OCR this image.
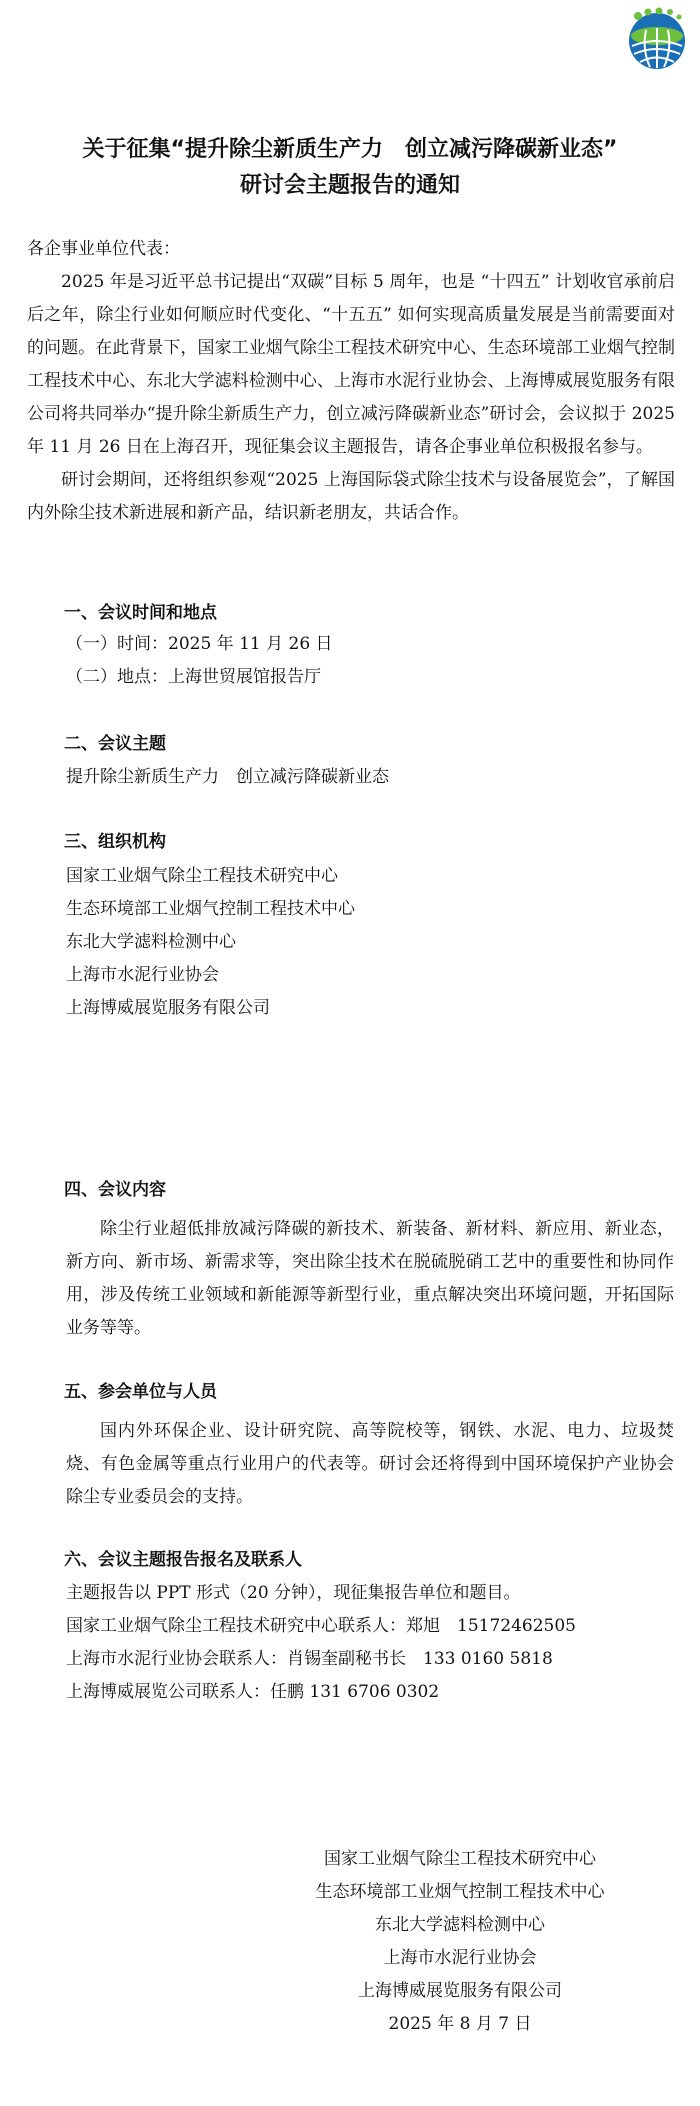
关于征集“提升除尘新质生产力　创立减污降碳新业态”
研讨会主题报告的通知

各企事业单位代表：

2025 年是习近平总书记提出“双碳”目标 5 周年，也是 “十四五” 计划收官承前启后之年，除尘行业如何顺应时代变化、“十五五” 如何实现高质量发展是当前需要面对的问题。在此背景下，国家工业烟气除尘工程技术研究中心、生态环境部工业烟气控制工程技术中心、东北大学滤料检测中心、上海市水泥行业协会、上海博威展览服务有限公司将共同举办“提升除尘新质生产力，创立减污降碳新业态”研讨会，会议拟于 2025 年 11 月 26 日在上海召开，现征集会议主题报告，请各企事业单位积极报名参与。

研讨会期间，还将组织参观“2025 上海国际袋式除尘技术与设备展览会”，了解国内外除尘技术新进展和新产品，结识新老朋友，共话合作。

一、会议时间和地点

（一）时间：2025 年 11 月 26 日

（二）地点：上海世贸展馆报告厅

二、会议主题

提升除尘新质生产力　创立减污降碳新业态

三、组织机构

国家工业烟气除尘工程技术研究中心

生态环境部工业烟气控制工程技术中心

东北大学滤料检测中心

上海市水泥行业协会

上海博威展览服务有限公司

四、会议内容

除尘行业超低排放减污降碳的新技术、新装备、新材料、新应用、新业态，新方向、新市场、新需求等，突出除尘技术在脱硫脱硝工艺中的重要性和协同作用，涉及传统工业领域和新能源等新型行业，重点解决突出环境问题，开拓国际业务等等。

五、参会单位与人员

国内外环保企业、设计研究院、高等院校等，钢铁、水泥、电力、垃圾焚烧、有色金属等重点行业用户的代表等。研讨会还将得到中国环境保护产业协会除尘专业委员会的支持。

六、会议主题报告报名及联系人

主题报告以 PPT 形式（20 分钟），现征集报告单位和题目。

国家工业烟气除尘工程技术研究中心联系人：郑旭　15172462505

上海市水泥行业协会联系人：肖锡奎副秘书长　133 0160 5818

上海博威展览公司联系人：任鹏 131 6706 0302

国家工业烟气除尘工程技术研究中心

生态环境部工业烟气控制工程技术中心

东北大学滤料检测中心

上海市水泥行业协会

上海博威展览服务有限公司

2025 年 8 月 7 日
